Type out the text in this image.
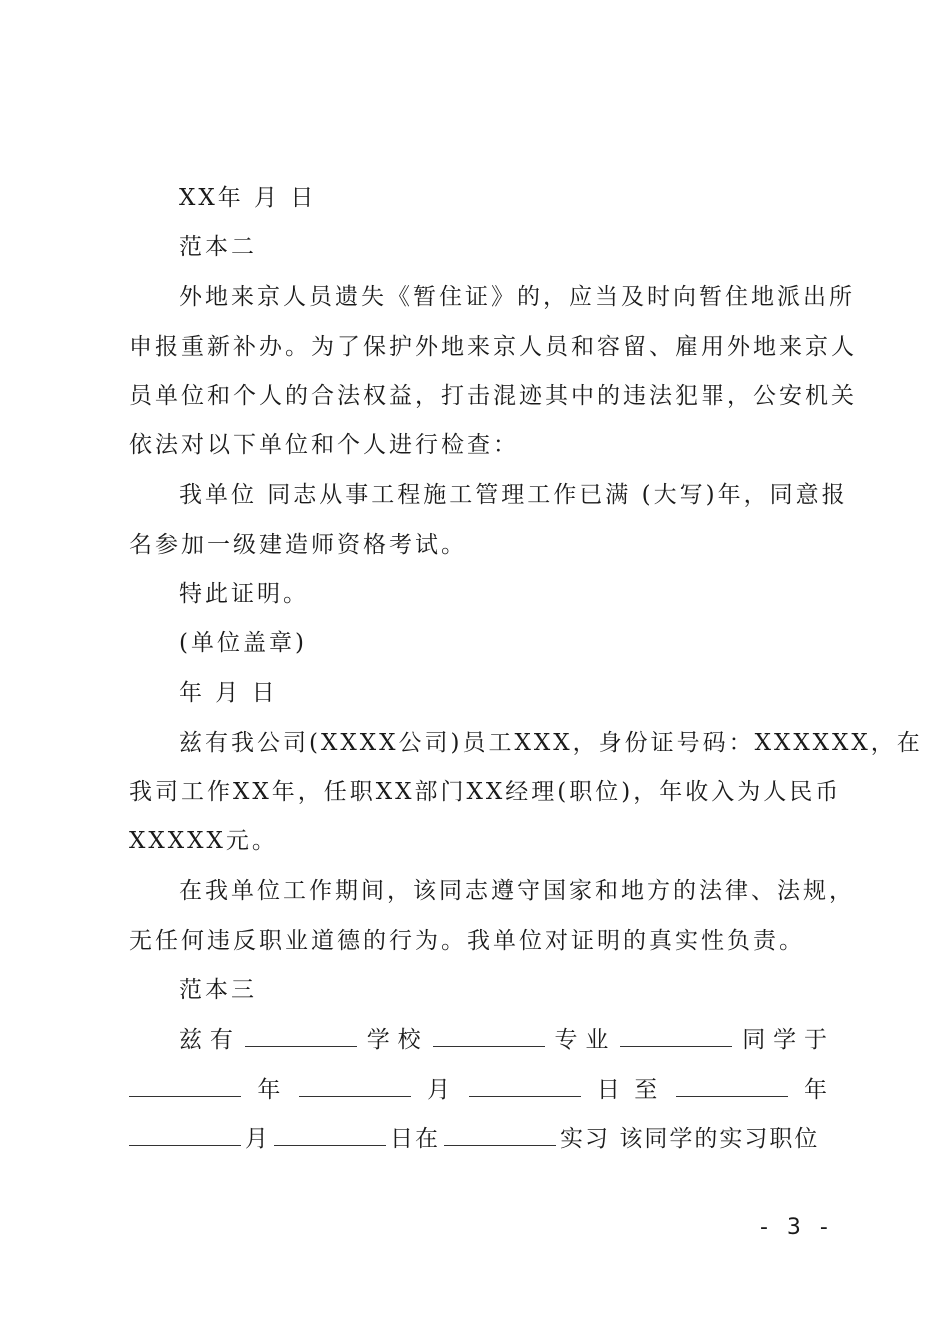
XX年 月 日
范本二
外地来京人员遗失《暂住证》的，应当及时向暂住地派出所
申报重新补办。为了保护外地来京人员和容留、雇用外地来京人
员单位和个人的合法权益，打击混迹其中的违法犯罪，公安机关
依法对以下单位和个人进行检查：
我单位 同志从事工程施工管理工作已满 (大写)年，同意报
名参加一级建造师资格考试。
特此证明。
(单位盖章)
年 月 日
兹有我公司(XXXX公司)员工XXX，身份证号码：XXXXXX，在
我司工作XX年，任职XX部门XX经理(职位)，年收入为人民币
XXXXX元。
在我单位工作期间，该同志遵守国家和地方的法律、法规，
无任何违反职业道德的行为。我单位对证明的真实性负责。
范本三
兹有	学校	专业	同学于
年	月	日至	年
月	日在	实习 该同学的实习职位
- 3 -
